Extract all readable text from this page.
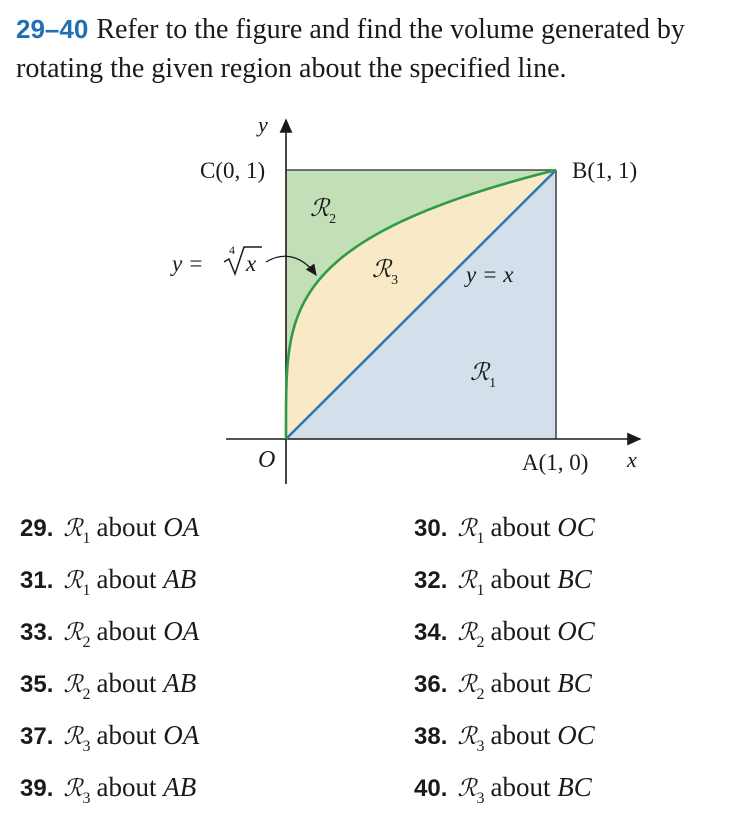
29–40 Refer to the figure and find the volume generated by
rotating the given region about the specified line.
y
x
O
C(0, 1)	B(1, 1)
A(1, 0)
y =
4
x	y = x
ℛ$_2$
ℛ$_3$
ℛ$_1$
29. ℛ$_1$ about OA
31. ℛ$_1$ about AB
33. ℛ$_2$ about OA
35. ℛ$_2$ about AB
37. ℛ$_3$ about OA
39. ℛ$_3$ about AB
30. ℛ$_1$ about OC
32. ℛ$_1$ about BC
34. ℛ$_2$ about OC
36. ℛ$_2$ about BC
38. ℛ$_3$ about OC
40. ℛ$_3$ about BC
